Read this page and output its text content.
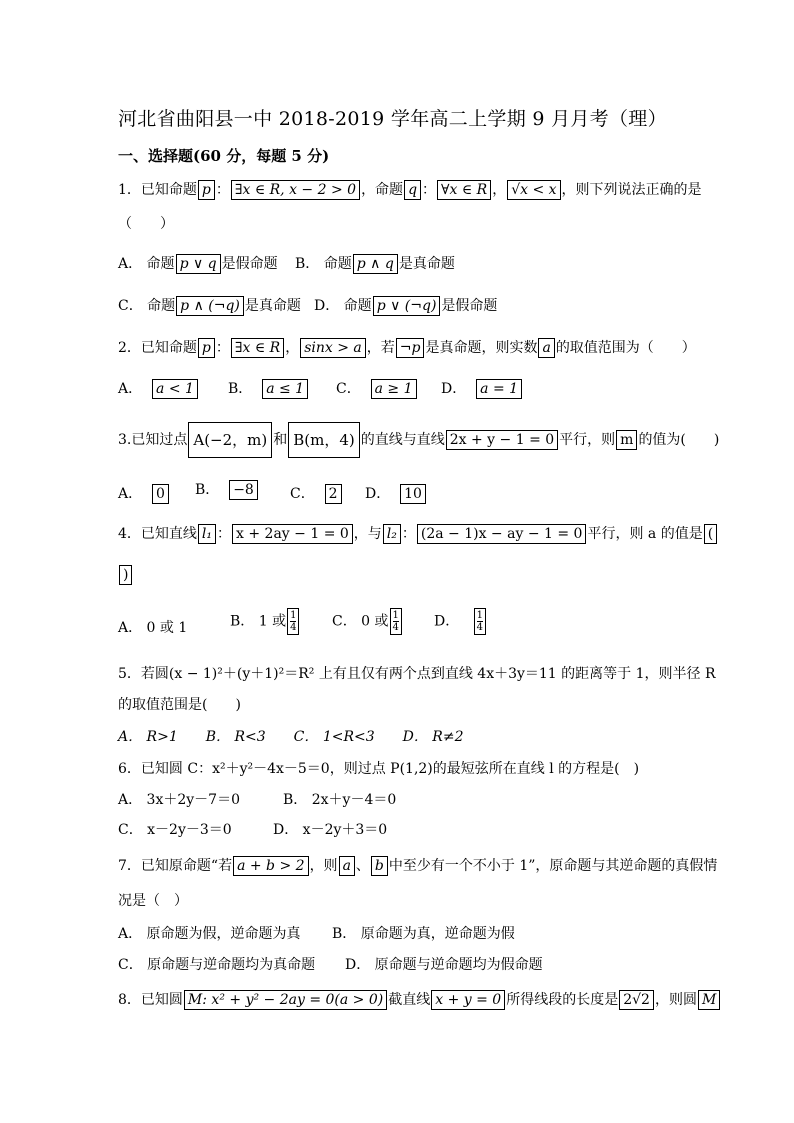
河北省曲阳县一中 2018-2019 学年高二上学期 9 月月考（理）
一、选择题(60 分，每题 5 分)
1．已知命题 p ： ∃x ∈ R, x − 2 > 0 ，命题 q ： ∀x ∈ R ， √x < x ，则下列说法正确的是
（　　）
A． 命题 p ∨ q 是假命题 B． 命题 p ∧ q 是真命题
C． 命题 p ∧ (¬q) 是真命题 D． 命题 p ∨ (¬q) 是假命题
2．已知命题 p ： ∃x ∈ R ， sinx > a ，若 ¬p 是真命题，则实数 a 的取值范围为（　　）
A． a < 1	B． a ≤ 1	C． a ≥ 1	D． a = 1
3.已知过点 A(−2，m) 和 B(m，4) 的直线与直线 2x + y − 1 = 0 平行，则 m 的值为(　　)
A． 0	B． −8	C． 2	D． 10
4．已知直线 l₁ ： x + 2ay − 1 = 0 ，与 l₂ ： (2a − 1)x − ay − 1 = 0 平行，则 a 的值是 (
)
A． 0 或 1	B． 1 或 $\frac{1}{4}$ C． 0 或 $\frac{1}{4}$ D． $\frac{1}{4}$
5．若圆(x − 1)²＋(y＋1)²＝R² 上有且仅有两个点到直线 4x＋3y＝11 的距离等于 1，则半径 R
的取值范围是(　　)
A． R>1　　B． R<3　　C． 1<R<3　　D． R≠2
6．已知圆 C：x²＋y²－4x－5＝0，则过点 P(1,2)的最短弦所在直线 l 的方程是(　)
A． 3x＋2y－7＝0	B． 2x＋y－4＝0
C． x－2y－3＝0	D． x－2y＋3＝0
7．已知原命题“若 a + b > 2 ，则 a 、 b 中至少有一个不小于 1”，原命题与其逆命题的真假情
况是（　）
A． 原命题为假，逆命题为真 B． 原命题为真，逆命题为假
C． 原命题与逆命题均为真命题 D． 原命题与逆命题均为假命题
8．已知圆 M: x² + y² − 2ay = 0(a > 0) 截直线 x + y = 0 所得线段的长度是 2√2 ，则圆 M
